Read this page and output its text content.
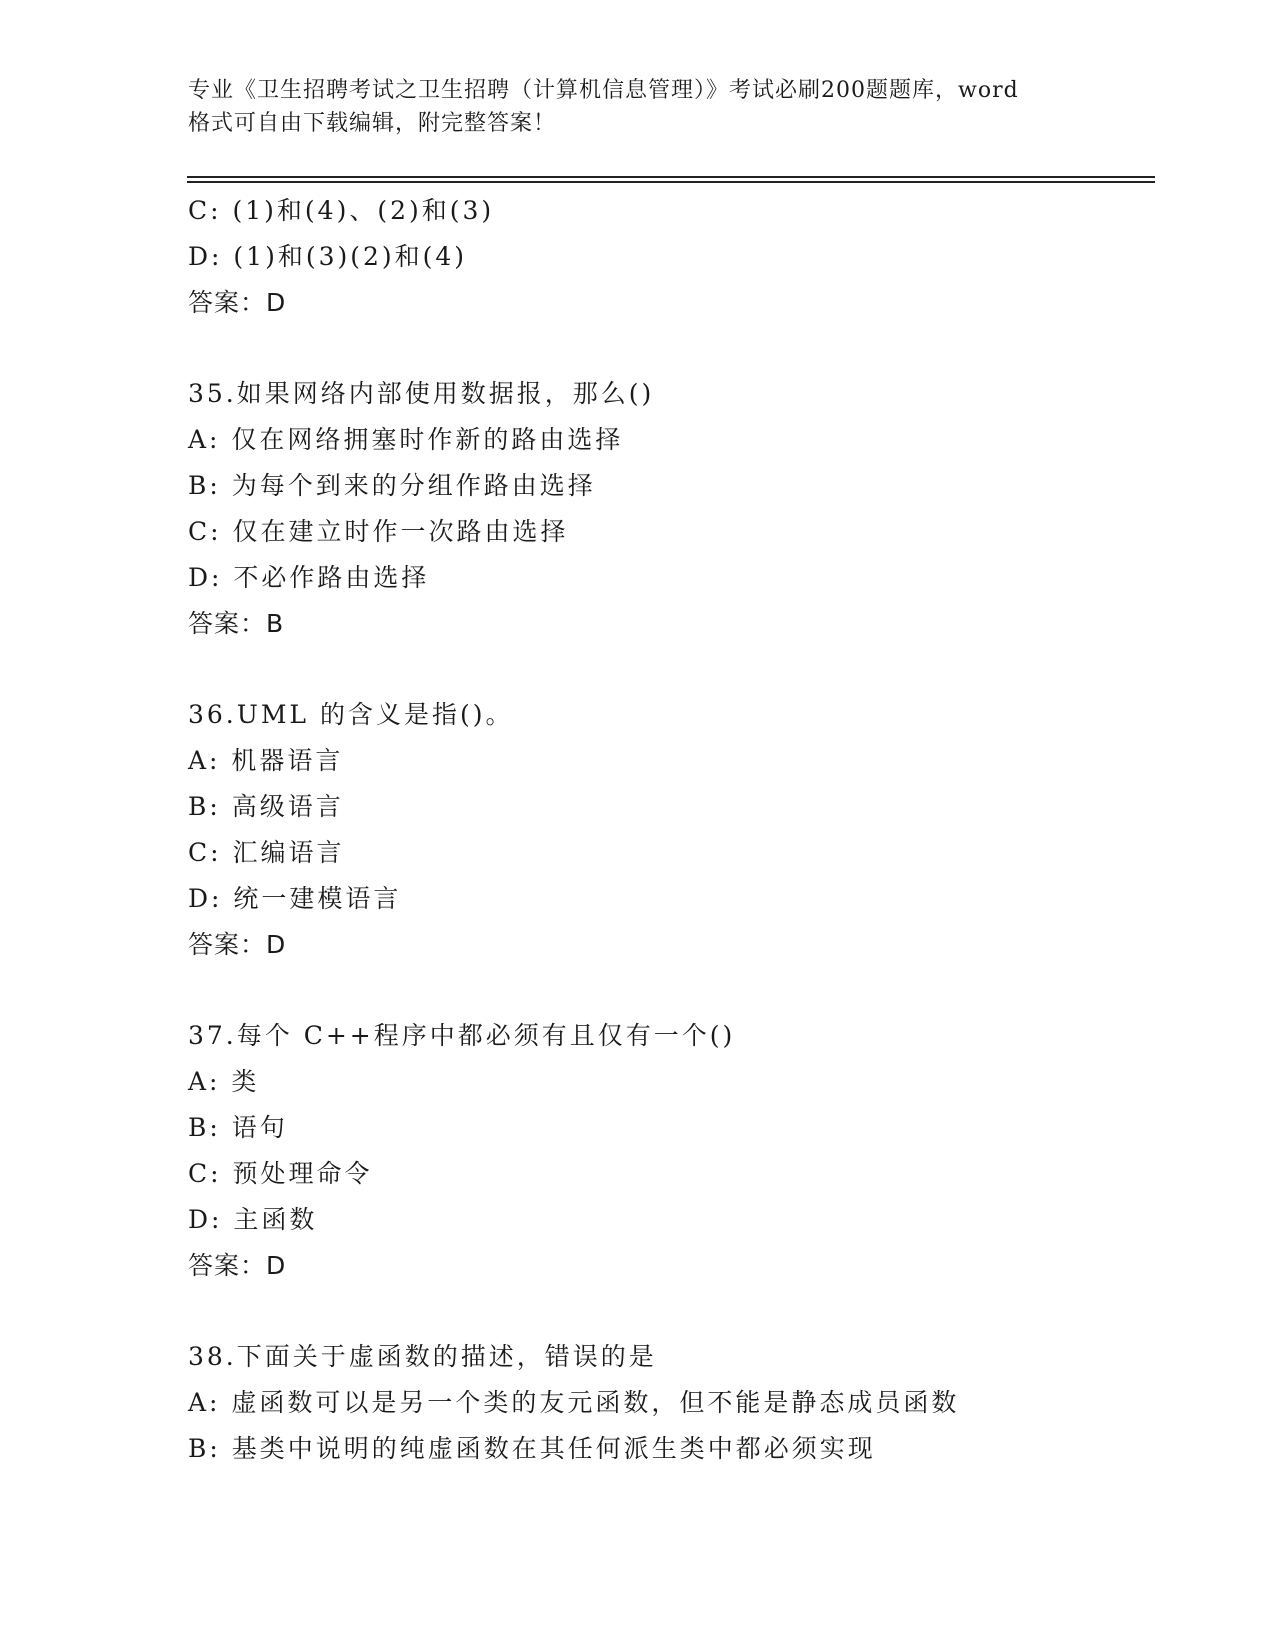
专业《卫生招聘考试之卫生招聘（计算机信息管理）》考试必刷200题题库，word
格式可自由下载编辑，附完整答案！
C: (1)和(4)、(2)和(3)
D: (1)和(3)(2)和(4)
答案：D
35.如果网络内部使用数据报，那么()
A: 仅在网络拥塞时作新的路由选择
B: 为每个到来的分组作路由选择
C: 仅在建立时作一次路由选择
D: 不必作路由选择
答案：B
36.UML 的含义是指()。
A: 机器语言
B: 高级语言
C: 汇编语言
D: 统一建模语言
答案：D
37.每个 C++程序中都必须有且仅有一个()
A: 类
B: 语句
C: 预处理命令
D: 主函数
答案：D
38.下面关于虚函数的描述，错误的是
A: 虚函数可以是另一个类的友元函数，但不能是静态成员函数
B: 基类中说明的纯虚函数在其任何派生类中都必须实现
